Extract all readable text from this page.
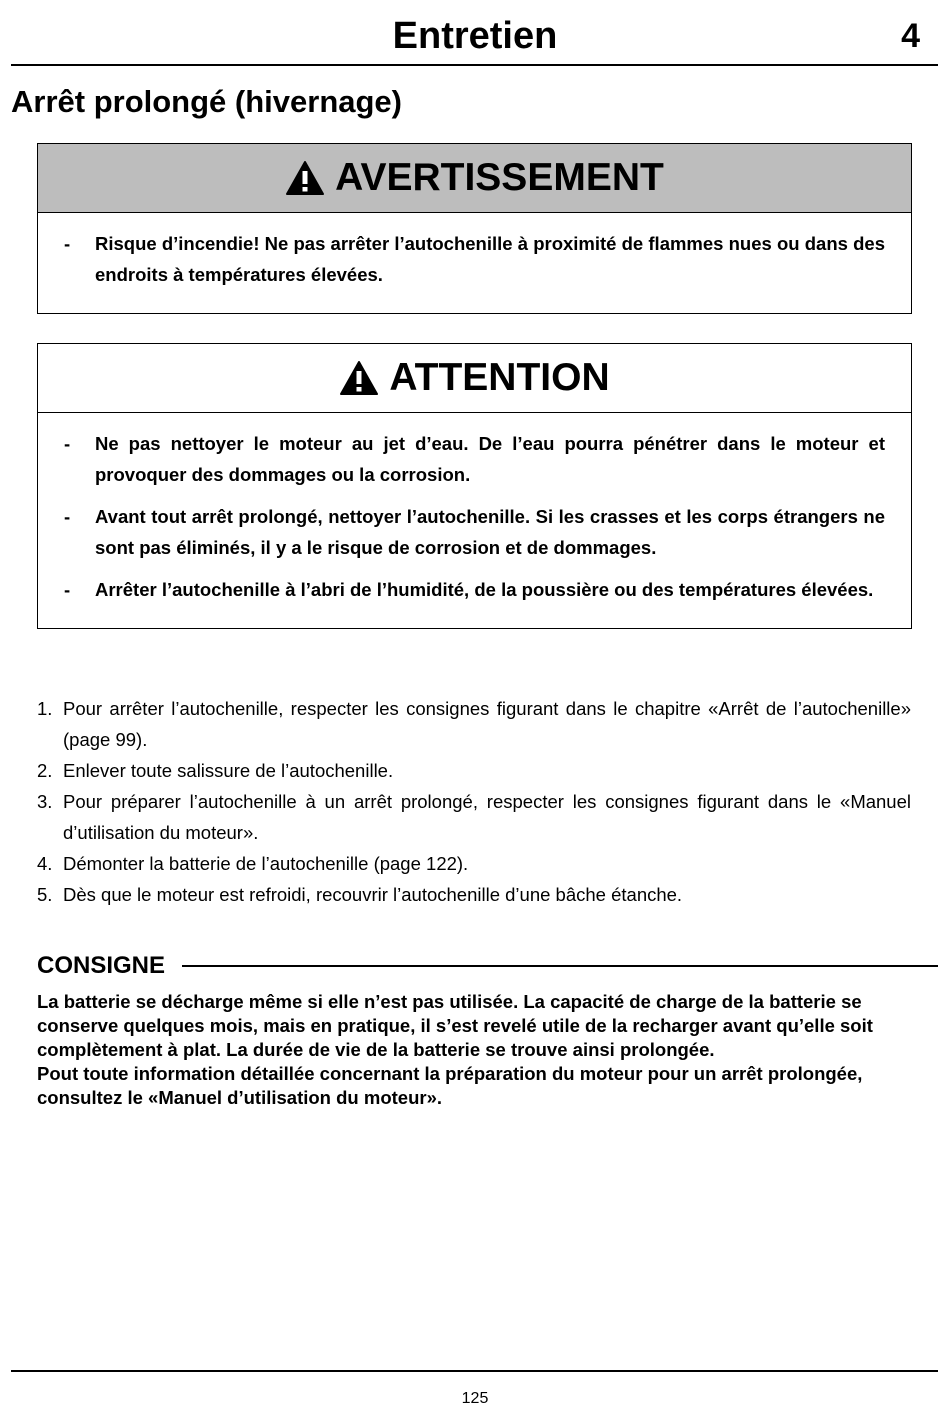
Entretien	4
Arrêt prolongé (hivernage)
AVERTISSEMENT
-	Risque d’incendie! Ne pas arrêter l’autochenille à proximité de flammes nues ou dans des endroits à températures élevées.
ATTENTION
-	Ne pas nettoyer le moteur au jet d’eau. De l’eau pourra pénétrer dans le moteur et provoquer des dommages ou la corrosion.
-	Avant tout arrêt prolongé, nettoyer l’autochenille. Si les crasses et les corps étrangers ne sont pas éliminés, il y a le risque de corrosion et de dommages.
-	Arrêter l’autochenille à l’abri de l’humidité, de la poussière ou des températures élevées.
1. Pour arrêter l’autochenille, respecter les consignes figurant dans le chapitre «Arrêt de l’autochenille» (page 99).
2. Enlever toute salissure de l’autochenille.
3. Pour préparer l’autochenille à un arrêt prolongé, respecter les consignes figurant dans le «Manuel d’utilisation du moteur».
4. Démonter la batterie de l’autochenille (page 122).
5. Dès que le moteur est refroidi, recouvrir l’autochenille d’une bâche étanche.
CONSIGNE

La batterie se décharge même si elle n’est pas utilisée. La capacité de charge de la batterie se conserve quelques mois, mais en pratique, il s’est revelé utile de la recharger avant qu’elle soit complètement à plat. La durée de vie de la batterie se trouve ainsi prolongée.

Pout toute information détaillée concernant la préparation du moteur pour un arrêt prolongée, consultez le «Manuel d’utilisation du moteur».

125
